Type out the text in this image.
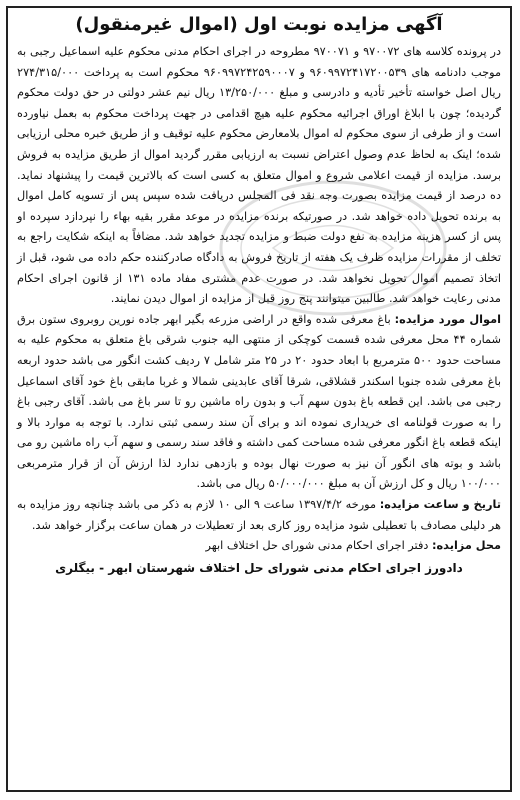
آگهی مزایده نوبت اول (اموال غیرمنقول)

در پرونده کلاسه های ۹۷۰۰۷۲ و ۹۷۰۰۷۱ مطروحه در اجرای احکام مدنی محکوم علیه اسماعیل رجبی به موجب دادنامه های ۹۶۰۹۹۷۲۴۱۷۲۰۰۵۳۹ و ۹۶۰۹۹۷۲۴۲۵۹۰۰۰۷ محکوم است به پرداخت ۲۷۴/۳۱۵/۰۰۰ ریال اصل خواسته تأخیر تأدیه و دادرسی و مبلغ ۱۳/۲۵۰/۰۰۰ ریال نیم عشر دولتی در حق دولت محکوم گردیده؛ چون با ابلاغ اوراق اجرائیه محکوم علیه هیچ اقدامی در جهت پرداخت محکوم به بعمل نیاورده است و از طرفی از سوی محکوم له اموال بلامعارض محکوم علیه توقیف و از طریق خبره محلی ارزیابی شده؛ اینک به لحاظ عدم وصول اعتراض نسبت به ارزیابی مقرر گردید اموال از طریق مزایده به فروش برسد. مزایده از قیمت اعلامی شروع و اموال متعلق به کسی است که بالاترین قیمت را پیشنهاد نماید. ده درصد از قیمت مزایده بصورت وجه نقد فی المجلس دریافت شده سپس پس از تسویه کامل اموال به برنده تحویل داده خواهد شد. در صورتیکه برنده مزایده در موعد مقرر بقیه بهاء را نپردازد سپرده او پس از کسر هزینه مزایده به نفع دولت ضبط و مزایده تجدید خواهد شد. مضافاً به اینکه شکایت راجع به تخلف از مقررات مزایده ظرف یک هفته از تاریخ فروش به دادگاه صادرکننده حکم داده می شود، قبل از اتخاذ تصمیم اموال تحویل نخواهد شد. در صورت عدم مشتری مفاد ماده ۱۳۱ از قانون اجرای احکام مدنی رعایت خواهد شد. طالبین میتوانند پنج روز قبل از مزایده از اموال دیدن نمایند.

اموال مورد مزایده: باغ معرفی شده واقع در اراضی مزرعه بگیر ابهر جاده نورین روبروی ستون برق شماره ۴۴ محل معرفی شده قسمت کوچکی از منتهی الیه جنوب شرقی باغ متعلق به محکوم علیه به مساحت حدود ۵۰۰ مترمربع با ابعاد حدود ۲۰ در ۲۵ متر شامل ۷ ردیف کشت انگور می باشد حدود اربعه باغ معرفی شده جنوبا اسکندر قشلاقی، شرقا آقای عابدینی شمالا و غربا مابقی باغ خود آقای اسماعیل رجبی می باشد. این قطعه باغ بدون سهم آب و بدون راه ماشین رو تا سر باغ می باشد. آقای رجبی باغ را به صورت قولنامه ای خریداری نموده اند و برای آن سند رسمی ثبتی ندارد. با توجه به موارد بالا و اینکه قطعه باغ انگور معرفی شده مساحت کمی داشته و فاقد سند رسمی و سهم آب راه ماشین رو می باشد و بوته های انگور آن نیز به صورت نهال بوده و بازدهی ندارد لذا ارزش آن از قرار مترمربعی ۱۰۰/۰۰۰ ریال و کل ارزش آن به مبلغ ۵۰/۰۰۰/۰۰۰ ریال می باشد.

تاریخ و ساعت مزایده: مورخه ۱۳۹۷/۴/۲ ساعت ۹ الی ۱۰ لازم به ذکر می باشد چنانچه روز مزایده به هر دلیلی مصادف با تعطیلی شود مزایده روز کاری بعد از تعطیلات در همان ساعت برگزار خواهد شد.

محل مزایده: دفتر اجرای احکام مدنی شورای حل اختلاف ابهر

دادورز اجرای احکام مدنی شورای حل اختلاف شهرستان ابهر - بیگلری
